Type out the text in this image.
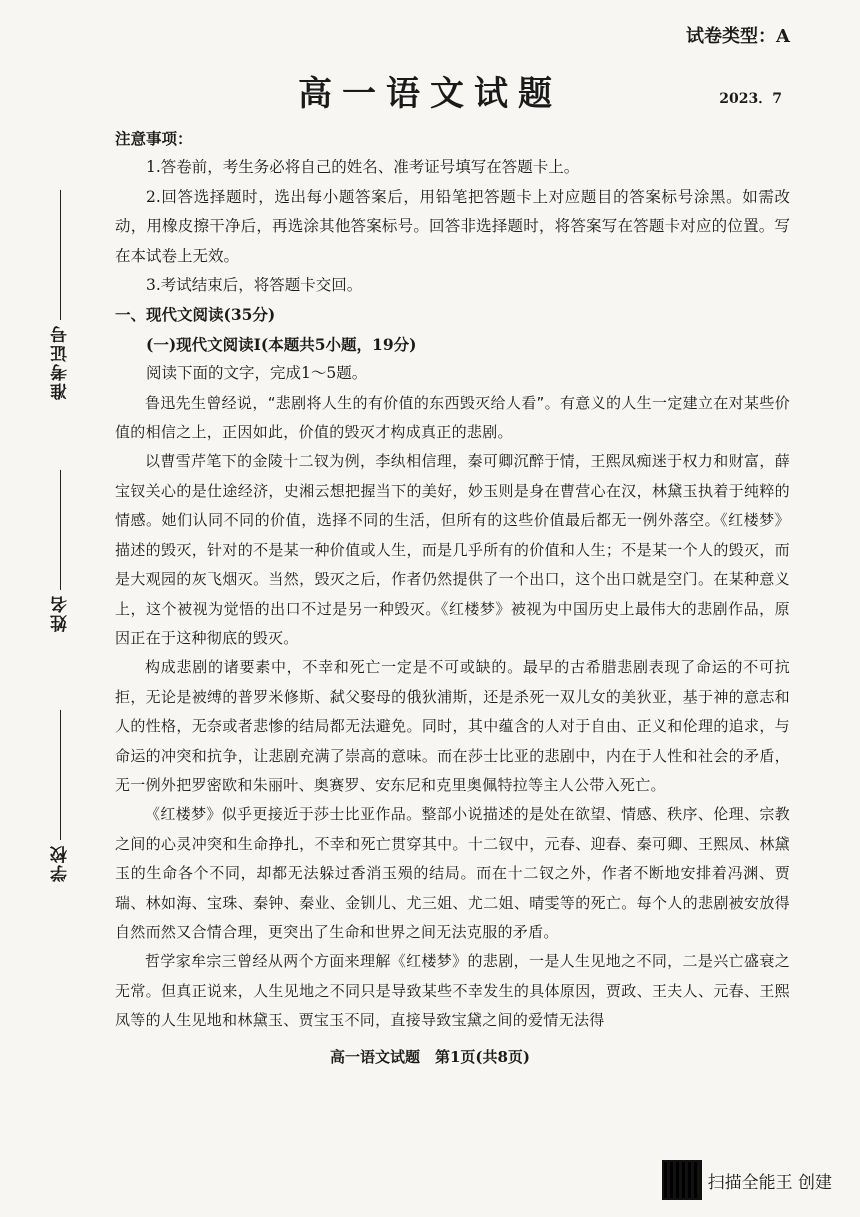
试卷类型：A
高一语文试题	2023．7
准考证号
姓名
学校

注意事项：

1.答卷前，考生务必将自己的姓名、准考证号填写在答题卡上。

2.回答选择题时，选出每小题答案后，用铅笔把答题卡上对应题目的答案标号涂黑。如需改动，用橡皮擦干净后，再选涂其他答案标号。回答非选择题时，将答案写在答题卡对应的位置。写在本试卷上无效。

3.考试结束后，将答题卡交回。

一、现代文阅读(35分)

(一)现代文阅读Ⅰ(本题共5小题，19分)

阅读下面的文字，完成1～5题。

鲁迅先生曾经说，“悲剧将人生的有价值的东西毁灭给人看”。有意义的人生一定建立在对某些价值的相信之上，正因如此，价值的毁灭才构成真正的悲剧。

以曹雪芹笔下的金陵十二钗为例，李纨相信理，秦可卿沉醉于情，王熙凤痴迷于权力和财富，薛宝钗关心的是仕途经济，史湘云想把握当下的美好，妙玉则是身在曹营心在汉，林黛玉执着于纯粹的情感。她们认同不同的价值，选择不同的生活，但所有的这些价值最后都无一例外落空。《红楼梦》描述的毁灭，针对的不是某一种价值或人生，而是几乎所有的价值和人生；不是某一个人的毁灭，而是大观园的灰飞烟灭。当然，毁灭之后，作者仍然提供了一个出口，这个出口就是空门。在某种意义上，这个被视为觉悟的出口不过是另一种毁灭。《红楼梦》被视为中国历史上最伟大的悲剧作品，原因正在于这种彻底的毁灭。

构成悲剧的诸要素中，不幸和死亡一定是不可或缺的。最早的古希腊悲剧表现了命运的不可抗拒，无论是被缚的普罗米修斯、弑父娶母的俄狄浦斯，还是杀死一双儿女的美狄亚，基于神的意志和人的性格，无奈或者悲惨的结局都无法避免。同时，其中蕴含的人对于自由、正义和伦理的追求，与命运的冲突和抗争，让悲剧充满了崇高的意味。而在莎士比亚的悲剧中，内在于人性和社会的矛盾，无一例外把罗密欧和朱丽叶、奥赛罗、安东尼和克里奥佩特拉等主人公带入死亡。

《红楼梦》似乎更接近于莎士比亚作品。整部小说描述的是处在欲望、情感、秩序、伦理、宗教之间的心灵冲突和生命挣扎，不幸和死亡贯穿其中。十二钗中，元春、迎春、秦可卿、王熙凤、林黛玉的生命各个不同，却都无法躲过香消玉殒的结局。而在十二钗之外，作者不断地安排着冯渊、贾瑞、林如海、宝珠、秦钟、秦业、金钏儿、尤三姐、尤二姐、晴雯等的死亡。每个人的悲剧被安放得自然而然又合情合理，更突出了生命和世界之间无法克服的矛盾。

哲学家牟宗三曾经从两个方面来理解《红楼梦》的悲剧，一是人生见地之不同，二是兴亡盛衰之无常。但真正说来，人生见地之不同只是导致某些不幸发生的具体原因，贾政、王夫人、元春、王熙凤等的人生见地和林黛玉、贾宝玉不同，直接导致宝黛之间的爱情无法得

高一语文试题　第1页(共8页)
扫描全能王 创建
